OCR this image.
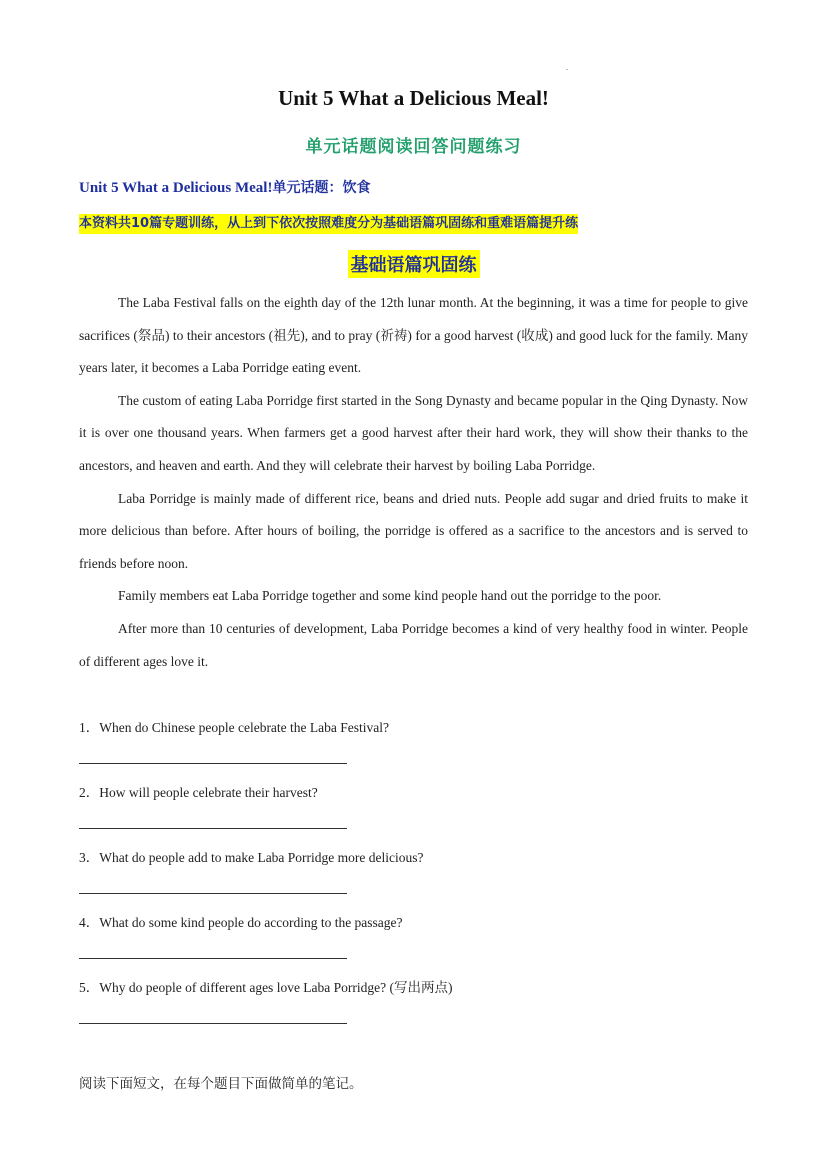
.
Unit 5 What a Delicious Meal!
单元话题阅读回答问题练习
Unit 5 What a Delicious Meal!单元话题：饮食
本资料共10篇专题训练，从上到下依次按照难度分为基础语篇巩固练和重难语篇提升练
基础语篇巩固练

The Laba Festival falls on the eighth day of the 12th lunar month. At the beginning, it was a time for people to give sacrifices (祭品) to their ancestors (祖先), and to pray (祈祷) for a good harvest (收成) and good luck for the family. Many years later, it becomes a Laba Porridge eating event.

The custom of eating Laba Porridge first started in the Song Dynasty and became popular in the Qing Dynasty. Now it is over one thousand years. When farmers get a good harvest after their hard work, they will show their thanks to the ancestors, and heaven and earth. And they will celebrate their harvest by boiling Laba Porridge.

Laba Porridge is mainly made of different rice, beans and dried nuts. People add sugar and dried fruits to make it more delicious than before. After hours of boiling, the porridge is offered as a sacrifice to the ancestors and is served to friends before noon.

Family members eat Laba Porridge together and some kind people hand out the porridge to the poor.

After more than 10 centuries of development, Laba Porridge becomes a kind of very healthy food in winter. People of different ages love it.

1．When do Chinese people celebrate the Laba Festival?
2．How will people celebrate their harvest?
3．What do people add to make Laba Porridge more delicious?
4．What do some kind people do according to the passage?
5．Why do people of different ages love Laba Porridge? (写出两点)
阅读下面短文，在每个题目下面做简单的笔记。
